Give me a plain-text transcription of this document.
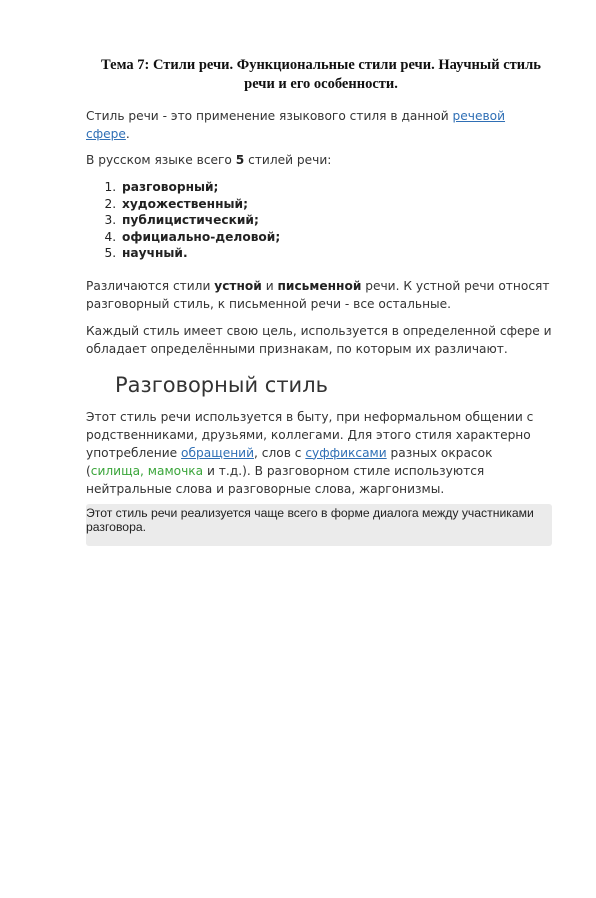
Тема 7: Стили речи. Функциональные стили речи. Научный стиль речи и его особенности.

Стиль речи - это применение языкового стиля в данной речевой сфере.

В русском языке всего 5 стилей речи:

1. разговорный;
2. художественный;
3. публицистический;
4. официально-деловой;
5. научный.

Различаются стили устной и письменной речи. К устной речи относят разговорный стиль, к письменной речи - все остальные.

Каждый стиль имеет свою цель, используется в определенной сфере и обладает определёнными признакам, по которым их различают.

Разговорный стиль

Этот стиль речи используется в быту, при неформальном общении с родственниками, друзьями, коллегами. Для этого стиля характерно употребление обращений, слов с суффиксами разных окрасок (силища, мамочка и т.д.). В разговорном стиле используются нейтральные слова и разговорные слова, жаргонизмы.

Этот стиль речи реализуется чаще всего в форме диалога между участниками разговора.
